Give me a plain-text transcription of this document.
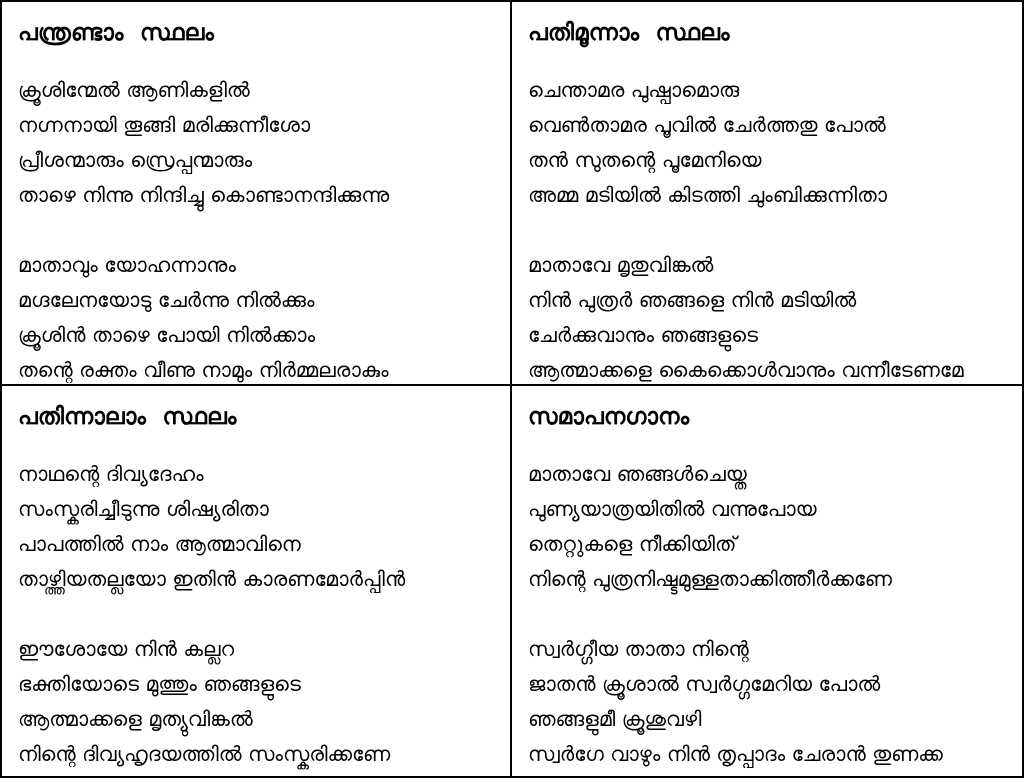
പന്ത്രണ്ടാം  സ്ഥലം

ക്രൂശിന്മേൽ ആണികളിൽ

നഗ്നനായി തൂങ്ങി മരിക്കുന്നീശോ

പ്രീശന്മാരും സ്രെപ്പന്മാരും

താഴെ നിന്നു നിന്ദിച്ചു കൊണ്ടാനന്ദിക്കുന്നു

മാതാവും യോഹന്നാനും

മഗ്ദലേനയോടു ചേർന്നു നിൽക്കും

ക്രൂശിൻ താഴെ പോയി നിൽക്കാം

തന്റെ രക്തം വീണു നാമും നിർമ്മലരാകും

പതിമൂന്നാം  സ്ഥലം

ചെന്താമര പുഷ്പാമൊരു

വെൺതാമര പൂവിൽ ചേർത്തതു പോൽ

തൻ സുതന്റെ പൂമേനിയെ

അമ്മ മടിയിൽ കിടത്തി ചുംബിക്കുന്നിതാ

മാതാവേ മൃതുവിങ്കൽ

നിൻ പുത്രർ ഞങ്ങളെ നിൻ മടിയിൽ

ചേർക്കുവാനും ഞങ്ങളുടെ

ആത്മാക്കളെ കൈക്കൊൾവാനും വന്നീടേണമേ

പതിന്നാലാം  സ്ഥലം

നാഥന്റെ ദിവ്യദേഹം

സംസ്കരിച്ചീടുന്നു ശിഷ്യരിതാ

പാപത്തിൽ നാം ആത്മാവിനെ

താഴ്ത്തിയതല്ലയോ ഇതിൻ കാരണമോർപ്പിൻ

ഈശോയേ നിൻ കല്ലറ

ഭക്തിയോടെ മുത്തും ഞങ്ങളുടെ

ആത്മാക്കളെ മൃത്യുവിങ്കൽ

നിന്റെ ദിവ്യഹൃദയത്തിൽ സംസ്കരിക്കണേ

സമാപനഗാനം

മാതാവേ ഞങ്ങൾചെയ്ത

പുണ്യയാത്രയിതിൽ വന്നുപോയ

തെറ്റുകളെ നീക്കിയിത്

നിന്റെ പുത്രനിഷ്ടമുള്ളതാക്കിത്തീർക്കണേ

സ്വർഗ്ഗീയ താതാ നിന്റെ

ജാതൻ ക്രൂശാൽ സ്വർഗ്ഗമേറിയ പോൽ

ഞങ്ങളുമീ ക്രൂശുവഴി

സ്വർഗേ വാഴും നിൻ തൃപ്പാദം ചേരാൻ തുണക്ക
